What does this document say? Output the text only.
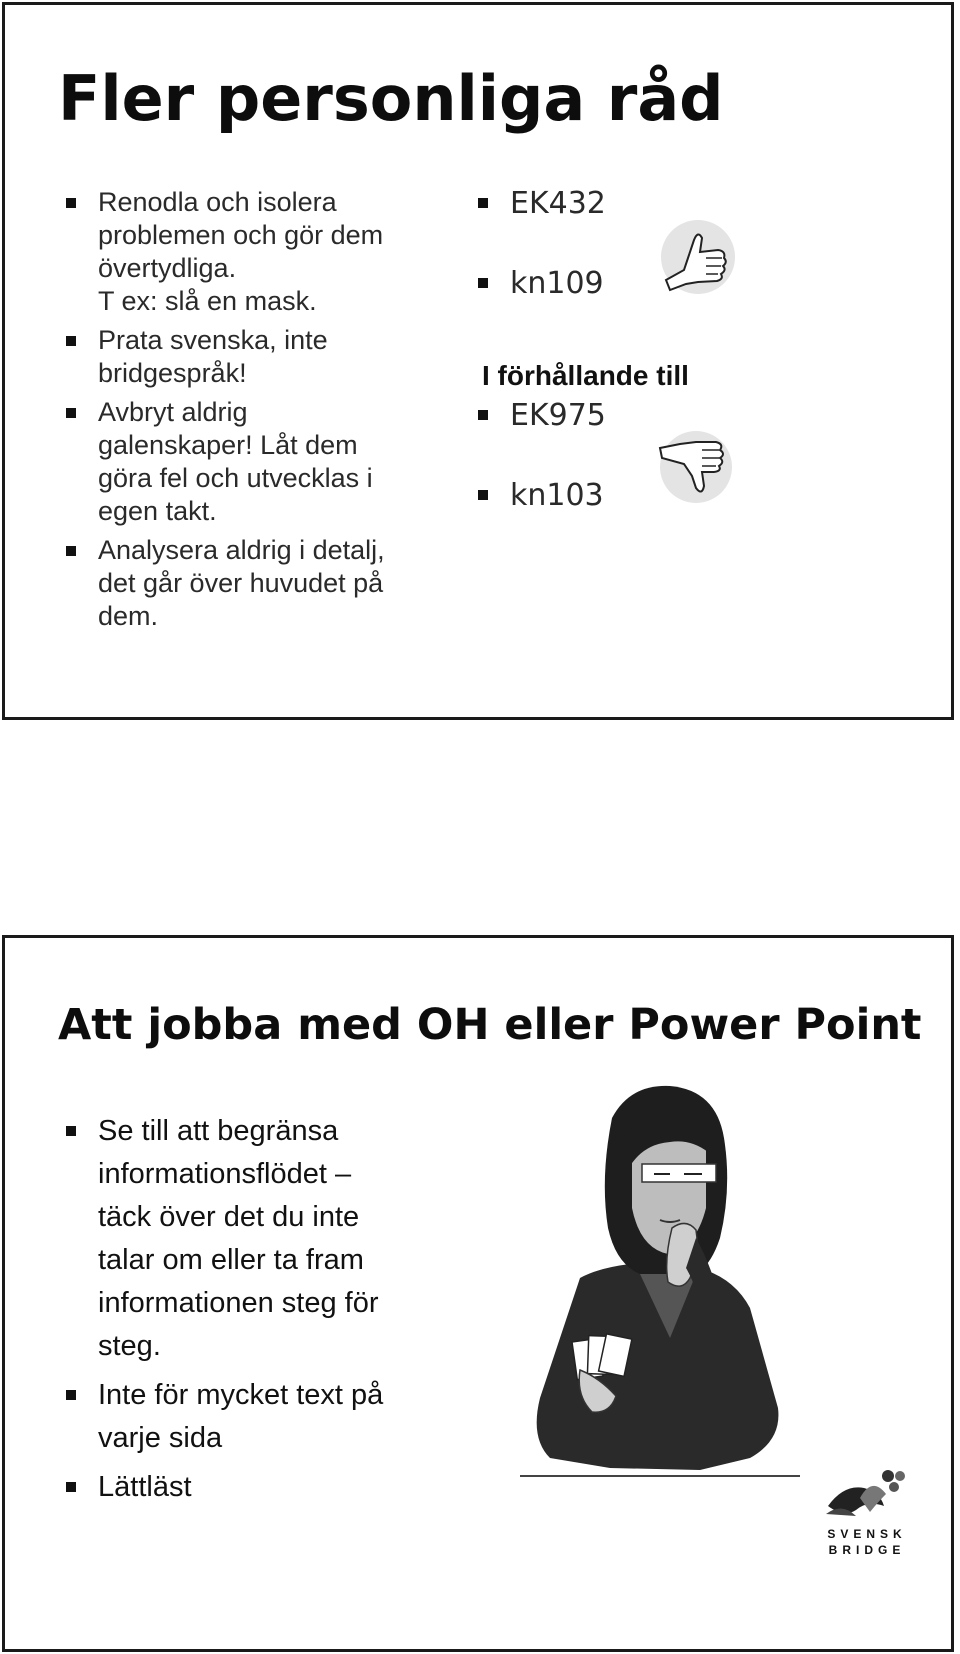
Fler personliga råd
Renodla och isolera
problemen och gör dem
övertydliga.
T ex: slå en mask.
Prata svenska, inte
bridgespråk!
Avbryt aldrig
galenskaper! Låt dem
göra fel och utvecklas i
egen takt.
Analysera aldrig i detalj,
det går över huvudet på
dem.
EK432
kn109
I förhållande till
EK975
kn103
Att jobba med OH eller Power Point
Se till att begränsa
informationsflödet –
täck över det du inte
talar om eller ta fram
informationen steg för
steg.
Inte för mycket text på
varje sida
Lättläst
SVENSK
BRIDGE
